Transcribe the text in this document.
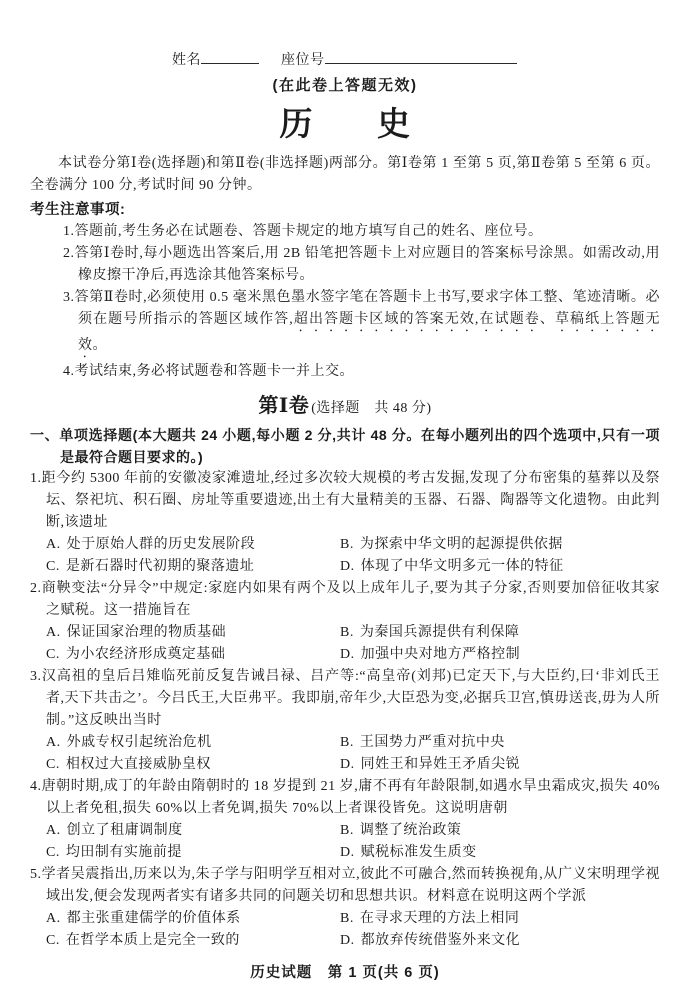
姓名	座位号
(在此卷上答题无效)
历 史
本试卷分第Ⅰ卷(选择题)和第Ⅱ卷(非选择题)两部分。第Ⅰ卷第 1 至第 5 页,第Ⅱ卷第 5 至第 6 页。全卷满分 100 分,考试时间 90 分钟。
考生注意事项:
1.答题前,考生务必在试题卷、答题卡规定的地方填写自己的姓名、座位号。
2.答第Ⅰ卷时,每小题选出答案后,用 2B 铅笔把答题卡上对应题目的答案标号涂黑。如需改动,用橡皮擦干净后,再选涂其他答案标号。
3.答第Ⅱ卷时,必须使用 0.5 毫米黑色墨水签字笔在答题卡上书写,要求字体工整、笔迹清晰。必须在题号所指示的答题区域作答,超出答题卡区域的答案无效,在试题卷、草稿纸上答题无效。
4.考试结束,务必将试题卷和答题卡一并上交。
第Ⅰ卷 (选择题　共 48 分)
一、单项选择题(本大题共 24 小题,每小题 2 分,共计 48 分。在每小题列出的四个选项中,只有一项是最符合题目要求的。)
1.距今约 5300 年前的安徽凌家滩遗址,经过多次较大规模的考古发掘,发现了分布密集的墓葬以及祭坛、祭祀坑、积石圈、房址等重要遗迹,出土有大量精美的玉器、石器、陶器等文化遗物。由此判断,该遗址
A. 处于原始人群的历史发展阶段	B. 为探索中华文明的起源提供依据
C. 是新石器时代初期的聚落遗址	D. 体现了中华文明多元一体的特征
2.商鞅变法“分异令”中规定:家庭内如果有两个及以上成年儿子,要为其子分家,否则要加倍征收其家之赋税。这一措施旨在
A. 保证国家治理的物质基础	B. 为秦国兵源提供有利保障
C. 为小农经济形成奠定基础	D. 加强中央对地方严格控制
3.汉高祖的皇后吕雉临死前反复告诫吕禄、吕产等:“高皇帝(刘邦)已定天下,与大臣约,曰‘非刘氏王者,天下共击之’。今吕氏王,大臣弗平。我即崩,帝年少,大臣恐为变,必据兵卫宫,慎毋送丧,毋为人所制。”这反映出当时
A. 外戚专权引起统治危机	B. 王国势力严重对抗中央
C. 相权过大直接威胁皇权	D. 同姓王和异姓王矛盾尖锐
4.唐朝时期,成丁的年龄由隋朝时的 18 岁提到 21 岁,庸不再有年龄限制,如遇水旱虫霜成灾,损失 40%以上者免租,损失 60%以上者免调,损失 70%以上者课役皆免。这说明唐朝
A. 创立了租庸调制度	B. 调整了统治政策
C. 均田制有实施前提	D. 赋税标准发生质变
5.学者吴震指出,历来以为,朱子学与阳明学互相对立,彼此不可融合,然而转换视角,从广义宋明理学视域出发,便会发现两者实有诸多共同的问题关切和思想共识。材料意在说明这两个学派
A. 都主张重建儒学的价值体系	B. 在寻求天理的方法上相同
C. 在哲学本质上是完全一致的	D. 都放弃传统借鉴外来文化
历史试题　第 1 页(共 6 页)
